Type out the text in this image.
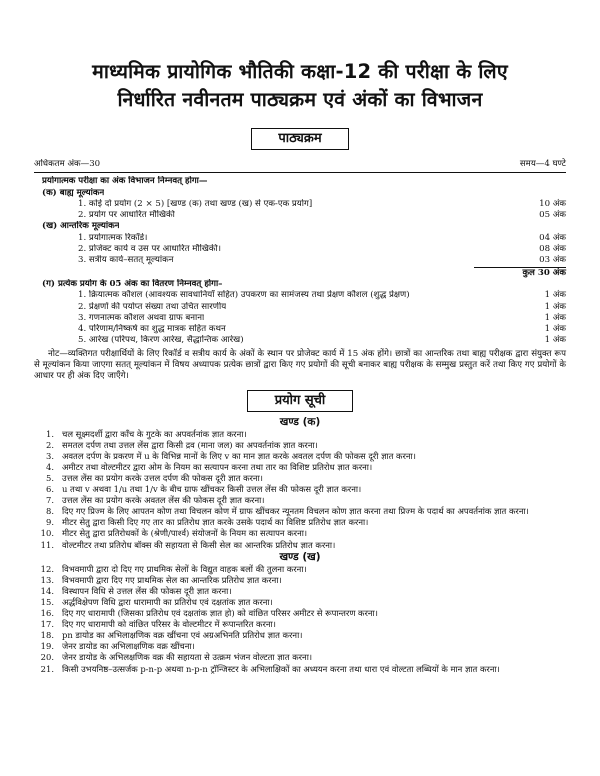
माध्यमिक प्रायोगिक भौतिकी कक्षा-12 की परीक्षा के लिए
निर्धारित नवीनतम पाठ्यक्रम एवं अंकों का विभाजन
पाठ्यक्रम
अधिकतम अंक—30	समय—4 घण्टे
प्रयोगात्मक परीक्षा का अंक विभाजन निम्नवत् होगा—
(क) बाह्य मूल्यांकन
1. कोई दो प्रयोग (2 × 5) [खण्ड (क) तथा खण्ड (ख) से एक-एक प्रयोग]	10 अंक
2. प्रयोग पर आधारित मौखिकी	05 अंक
(ख) आन्तरिक मूल्यांकन
1. प्रयोगात्मक रिकॉर्ड।	04 अंक
2. प्रोजेक्ट कार्य व उस पर आधारित मौखिकी।	08 अंक
3. सत्रीय कार्य–सतत् मूल्यांकन	03 अंक
कुल 30 अंक
(ग) प्रत्येक प्रयोग के 05 अंक का वितरण निम्नवत् होगा–
1. क्रियात्मक कौशल (आवश्यक सावधानियाँ सहित) उपकरण का सामंजस्य तथा प्रेक्षण कौशल (शुद्ध प्रेक्षण)	1 अंक
2. प्रेक्षणों की पर्याप्त संख्या तथा उचित सारणीय	1 अंक
3. गणनात्मक कौशल अथवा ग्राफ बनाना	1 अंक
4. परिणाम/निष्कर्ष का शुद्ध मात्रक सहित कथन	1 अंक
5. आरेख (परिपथ, किरण आरेख, सैद्धान्तिक आरेख)	1 अंक
नोट—व्यक्तिगत परीक्षार्थियों के लिए रिकॉर्ड व सत्रीय कार्य के अंकों के स्थान पर प्रोजेक्ट कार्य में 15 अंक होंगे। छात्रों का आन्तरिक तथा बाह्य परीक्षक द्वारा संयुक्त रूप से मूल्यांकन किया जाएगा सतत् मूल्यांकन में विषय अध्यापक प्रत्येक छात्रों द्वारा किए गए प्रयोगों की सूची बनाकर बाह्य परीक्षक के सम्मुख प्रस्तुत करें तथा किए गए प्रयोगों के आधार पर ही अंक दिए जाएँगे।
प्रयोग सूची
खण्ड (क)
1. चल सूक्ष्मदर्शी द्वारा काँच के गुटके का अपवर्तनांक ज्ञात करना।
2. समतल दर्पण तथा उत्तल लेंस द्वारा किसी द्रव (माना जल) का अपवर्तनांक ज्ञात करना।
3. अवतल दर्पण के प्रकरण में u के विभिन्न मानों के लिए v का मान ज्ञात करके अवतल दर्पण की फोकस दूरी ज्ञात करना।
4. अमीटर तथा वोल्टमीटर द्वारा ओम के नियम का सत्यापन करना तथा तार का विशिष्ट प्रतिरोध ज्ञात करना।
5. उत्तल लेंस का प्रयोग करके उत्तल दर्पण की फोकस दूरी ज्ञात करना।
6. u तथा v अथवा 1/u तथा 1/v के बीच ग्राफ खींचकर किसी उत्तल लेंस की फोकस दूरी ज्ञात करना।
7. उत्तल लेंस का प्रयोग करके अवतल लेंस की फोकस दूरी ज्ञात करना।
8. दिए गए प्रिज्म के लिए आपतन कोण तथा विचलन कोण में ग्राफ खींचकर न्यूनतम विचलन कोण ज्ञात करना तथा प्रिज्म के पदार्थ का अपवर्तनांक ज्ञात करना।
9. मीटर सेतु द्वारा किसी दिए गए तार का प्रतिरोध ज्ञात करके उसके पदार्थ का विशिष्ट प्रतिरोध ज्ञात करना।
10. मीटर सेतु द्वारा प्रतिरोधकों के (श्रेणी/पार्श्व) संयोजनों के नियम का सत्यापन करना।
11. वोल्टमीटर तथा प्रतिरोध बॉक्स की सहायता से किसी सेल का आन्तरिक प्रतिरोध ज्ञात करना।
खण्ड (ख)
12. विभवमापी द्वारा दो दिए गए प्राथमिक सेलों के विद्युत वाहक बलों की तुलना करना।
13. विभवमापी द्वारा दिए गए प्राथमिक सेल का आन्तरिक प्रतिरोध ज्ञात करना।
14. विस्थापन विधि से उत्तल लेंस की फोकस दूरी ज्ञात करना।
15. अर्द्धविक्षेपण विधि द्वारा धारामापी का प्रतिरोध एवं दक्षतांक ज्ञात करना।
16. दिए गए धारामापी (जिसका प्रतिरोध एवं दक्षतांक ज्ञात हो) को वांछित परिसर अमीटर से रूपान्तरण करना।
17. दिए गए धारामापी को वांछित परिसर के वोल्टमीटर में रूपान्तरित करना।
18. pn डायोड का अभिलाक्षणिक वक्र खींचना एवं अग्रअभिनति प्रतिरोध ज्ञात करना।
19. जेनर डायोड का अभिलाक्षणिक वक्र खींचना।
20. जेनर डायोड के अभिलक्षणिक वक्र की सहायता से उत्क्रम भंजन वोल्टता ज्ञात करना।
21. किसी उभयनिष्ठ–उत्सर्जक p-n-p अथवा n-p-n ट्रॉन्जिस्टर के अभिलाक्षिकों का अध्ययन करना तथा धारा एवं वोल्टता लब्धियों के मान ज्ञात करना।
